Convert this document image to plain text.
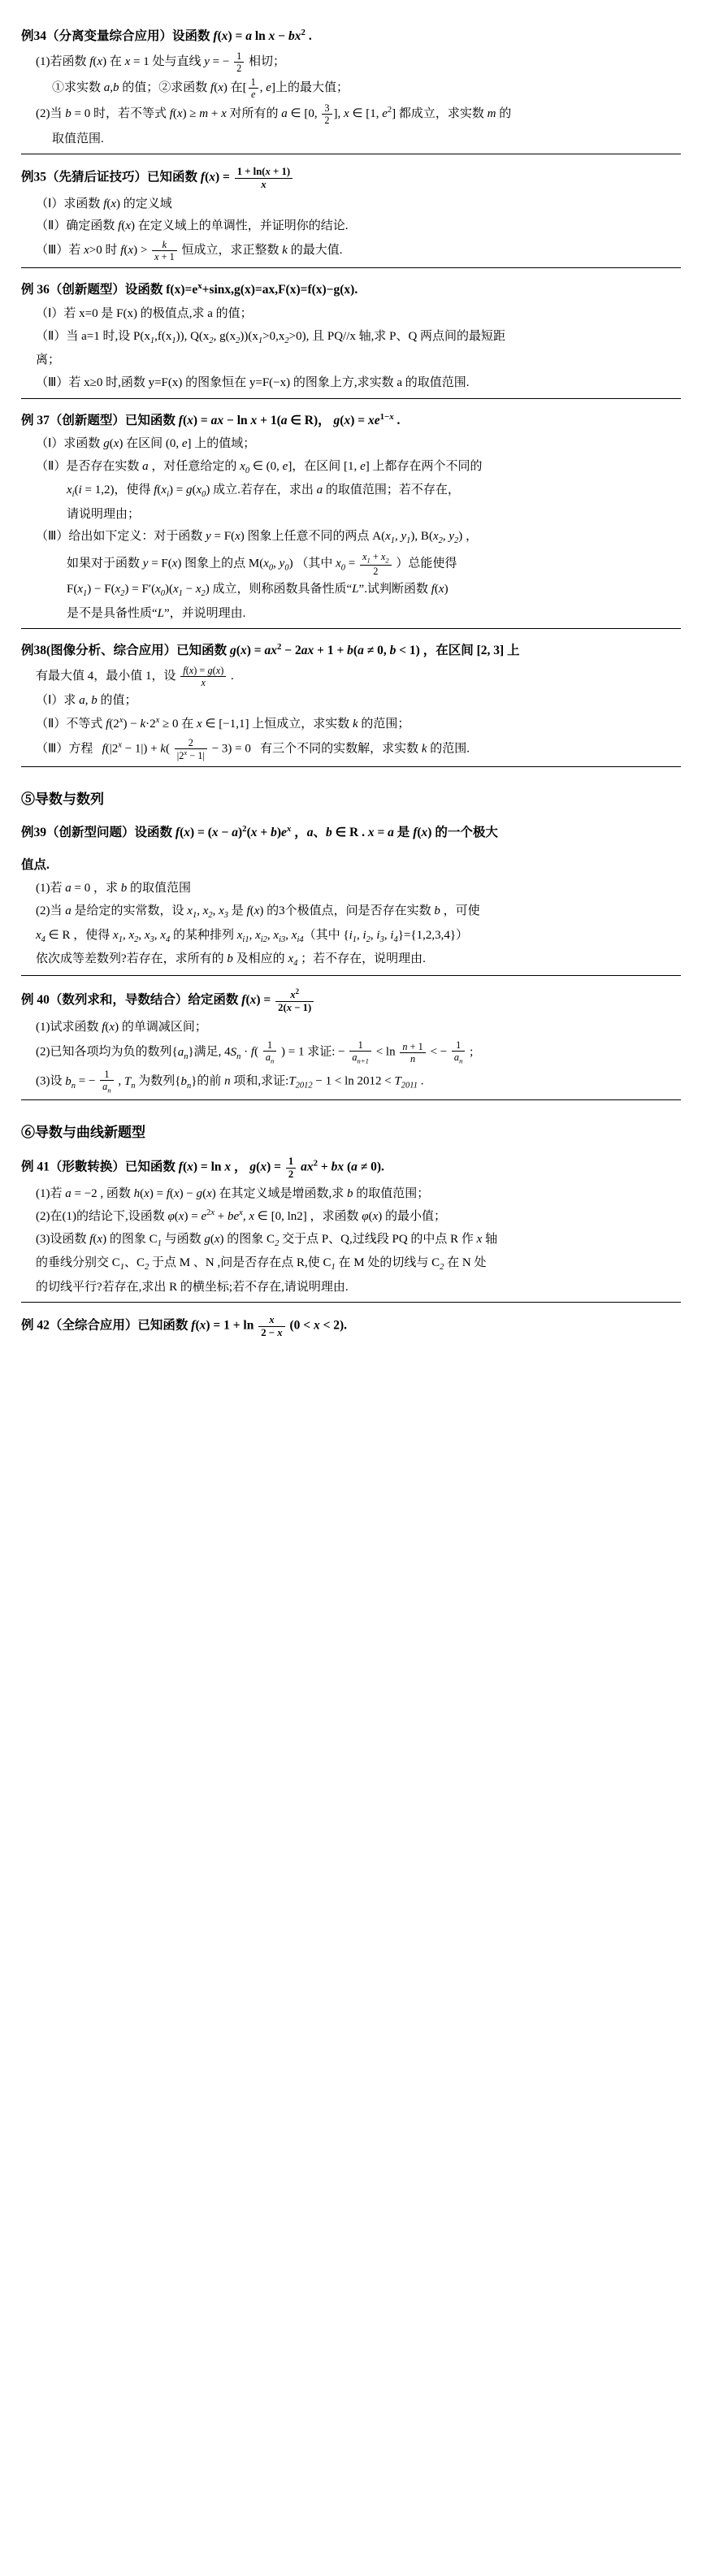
例34（分离变量综合应用）设函数 f(x) = a $\ln x - bx^2$ .
(1)若函数 f(x) 在 x = 1 处与直线 y = − $\frac{1}{2}$ 相切；
①求实数 a,b 的值；②求函数 f(x) 在[ $\frac{1}{e}$ , e]上的最大值；
(2)当 b = 0 时，若不等式 f(x) ≥ m + x 对所有的 a ∈ [0, $\frac{3}{2}$ ], x ∈ [1, $e^2$] 都成立，求实数 m 的
取值范围.
例35（先猜后证技巧）已知函数 $f(x) = \frac{1 + \ln(x + 1)}{x}$
（Ⅰ）求函数 f(x) 的定义域
（Ⅱ）确定函数 f(x) 在定义域上的单调性，并证明你的结论.
（Ⅲ）若 x>0 时 $f(x) > \frac{k}{x + 1}$ 恒成立，求正整数 k 的最大值.
例 36（创新题型）设函数 $f(x)=e^x+\sin x,g(x)=ax,F(x)=f(x)-g(x)$.
（Ⅰ）若 x=0 是 F(x) 的极值点,求 a 的值；
（Ⅱ）当 a=1 时,设 $P(x_1,f(x_1))$, $Q(x_2$, $g(x_2))(x_1>0,x_2>0)$, 且 PQ//x 轴,求 P、Q 两点间的最短距
离；
（Ⅲ）若 x≥0 时,函数 y=F(x) 的图象恒在 y=F(−x) 的图象上方,求实数 a 的取值范围.
例 37（创新题型）已知函数 f(x) = ax − ln x + 1(a ∈ R)， $g(x) = xe^{1-x}$ .
（Ⅰ）求函数 g(x) 在区间 (0, e] 上的值域；
（Ⅱ）是否存在实数 a ，对任意给定的 $x_0$ ∈ (0, e]，在区间 [1, e] 上都存在两个不同的
$x_i(i = 1,2)$，使得 $f(x_i) = g(x_0)$ 成立.若存在，求出 a 的取值范围；若不存在，
请说明理由；
（Ⅲ）给出如下定义：对于函数 y = F(x) 图象上任意不同的两点 $A(x_1$, $y_1$), $B(x_2$, $y_2$) ，
如果对于函数 y = F(x) 图象上的点 $M(x_0$, $y_0$) （其中 $x_0 = \frac{x_1 + x_2}{2}$ ）总能使得
$F(x_1) - F(x_2) = F'(x_0)(x_1 - x_2)$ 成立，则称函数具备性质“L”.试判断函数 f(x)
是不是具备性质“L”，并说明理由.
例38(图像分析、综合应用）已知函数 $g(x) = ax^2 - 2ax + 1 + b(a \ne 0$, b < 1) ，在区间 [2, 3] 上
有最大值 4，最小值 1，设 $\frac{f(x) = g(x)}{x}$ .
（Ⅰ）求 a, b 的值；
（Ⅱ）不等式 $f(2^x) - k\cdot 2^x \ge 0$ 在 x ∈ [−1,1] 上恒成立，求实数 k 的范围；
（Ⅲ）方程   $f(|2^x - 1|) + k( \frac{2}{|2^x - 1|} - 3) = 0$   有三个不同的实数解，求实数 k 的范围.
⑤导数与数列
例39（创新型问题）设函数 $f(x) = (x - a)^2(x + b)e^x$ ，a、b ∈ R . x = a 是 f(x) 的一个极大
值点.
(1)若 a = 0 ，求 b 的取值范围
(2)当 a 是给定的实常数，设 $x_1$, $x_2$, $x_3$ 是 f(x) 的3个极值点，问是否存在实数 b ，可使
$x_4$ ∈ R ，使得 $x_1$, $x_2$, $x_3$, $x_4$ 的某种排列 $x_{i1}$, $x_{i2}$, $x_{i3}$, $x_{i4}$（其中 {$i_1$, $i_2$, $i_3$, $i_4\}=\{1,2,3,4\}$）
依次成等差数列?若存在，求所有的 b 及相应的 $x_4$ ；若不存在，说明理由.
例 40（数列求和，导数结合）给定函数 $f(x) = \frac{x^2}{2(x - 1)}$
(1)试求函数 f(x) 的单调减区间；
(2)已知各项均为负的数列$\{a_n\}$满足, $4S_n \cdot f( \frac{1}{a_n}$ ) = 1 求证: − $\frac{1}{a_{n+1}} < \ln \frac{n + 1}{n}$ < − $\frac{1}{a_n}$ ;
(3)设 $b_n$ = − $\frac{1}{a_n}$ , $T_n$ 为数列$\{b_n\}$的前 n 项和,求证$:T_{2012} - 1 < \ln 2012 < T_{2011}$ .
⑥导数与曲线新题型
例 41（形數转换）已知函数 f(x) = ln x ， $g(x) = \frac{1}{2} ax^2$ + bx (a ≠ 0).
(1)若 a = −2 , 函数 h(x) = f(x) − g(x) 在其定义域是增函数,求 b 的取值范围；
(2)在(1)的结论下,设函数 $\varphi(x) = e^{2x} + be^x$, x ∈ [0, ln2] ，求函数 φ(x) 的最小值；
(3)设函数 f(x) 的图象 $C_1$ 与函数 g(x) 的图象 $C_2$ 交于点 P、Q,过线段 PQ 的中点 R 作 x 轴
的垂线分别交 $C_1$、$C_2$ 于点 M 、N ,问是否存在点 R,使 $C_1$ 在 M 处的切线与 $C_2$ 在 N 处
的切线平行?若存在,求出 R 的横坐标;若不存在,请说明理由.
例 42（全综合应用）已知函数 $f(x) = 1 + \ln \frac{x}{2 - x} (0 < x < 2)$.
